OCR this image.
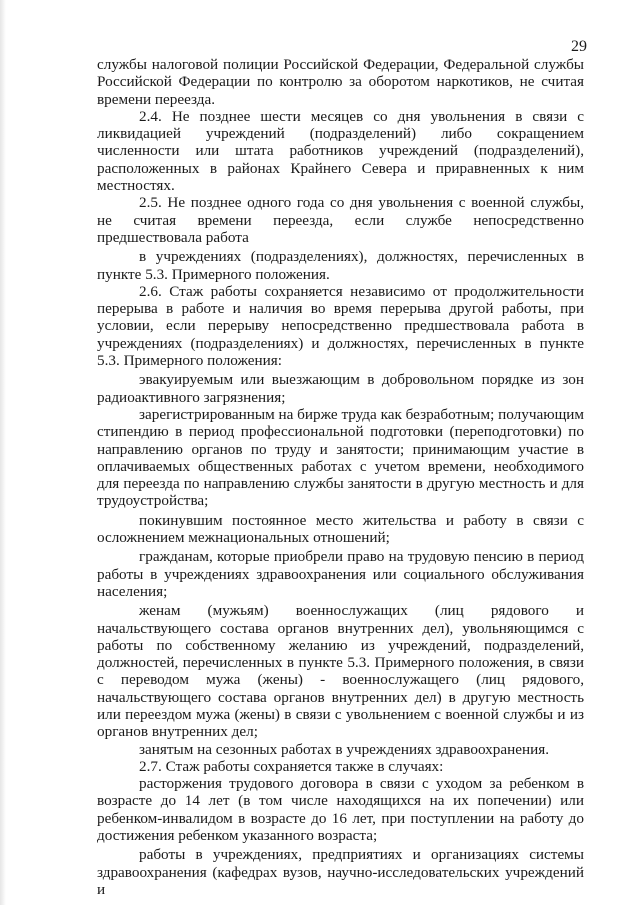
29

службы налоговой полиции Российской Федерации, Федеральной службы Российской Федерации по контролю за оборотом наркотиков, не считая времени переезда.

2.4. Не позднее шести месяцев со дня увольнения в связи с ликвидацией учреждений (подразделений) либо сокращением численности или штата работников учреждений (подразделений), расположенных в районах Крайнего Севера и приравненных к ним местностях.

2.5. Не позднее одного года со дня увольнения с военной службы, не считая времени переезда, если службе непосредственно предшествовала работа

в учреждениях (подразделениях), должностях, перечисленных в пункте 5.3. Примерного положения.

2.6. Стаж работы сохраняется независимо от продолжительности перерыва в работе и наличия во время перерыва другой работы, при условии, если перерыву непосредственно предшествовала работа в учреждениях (подразделениях) и должностях, перечисленных в пункте 5.3. Примерного положения:

эвакуируемым или выезжающим в добровольном порядке из зон радиоактивного загрязнения;

зарегистрированным на бирже труда как безработным; получающим стипендию в период профессиональной подготовки (переподготовки) по направлению органов по труду и занятости; принимающим участие в оплачиваемых общественных работах с учетом времени, необходимого для переезда по направлению службы занятости в другую местность и для трудоустройства;

покинувшим постоянное место жительства и работу в связи с осложнением межнациональных отношений;

гражданам, которые приобрели право на трудовую пенсию в период работы в учреждениях здравоохранения или социального обслуживания населения;

женам (мужьям) военнослужащих (лиц рядового и начальствующего состава органов внутренних дел), увольняющимся с работы по собственному желанию из учреждений, подразделений, должностей, перечисленных в пункте 5.3. Примерного положения, в связи с переводом мужа (жены) - военнослужащего (лиц рядового, начальствующего состава органов внутренних дел) в другую местность или переездом мужа (жены) в связи с увольнением с военной службы и из органов внутренних дел;

занятым на сезонных работах в учреждениях здравоохранения.

2.7. Стаж работы сохраняется также в случаях:

расторжения трудового договора в связи с уходом за ребенком в возрасте до 14 лет (в том числе находящихся на их попечении) или ребенком-инвалидом в возрасте до 16 лет, при поступлении на работу до достижения ребенком указанного возраста;

работы в учреждениях, предприятиях и организациях системы здравоохранения (кафедрах вузов, научно-исследовательских учреждений и
